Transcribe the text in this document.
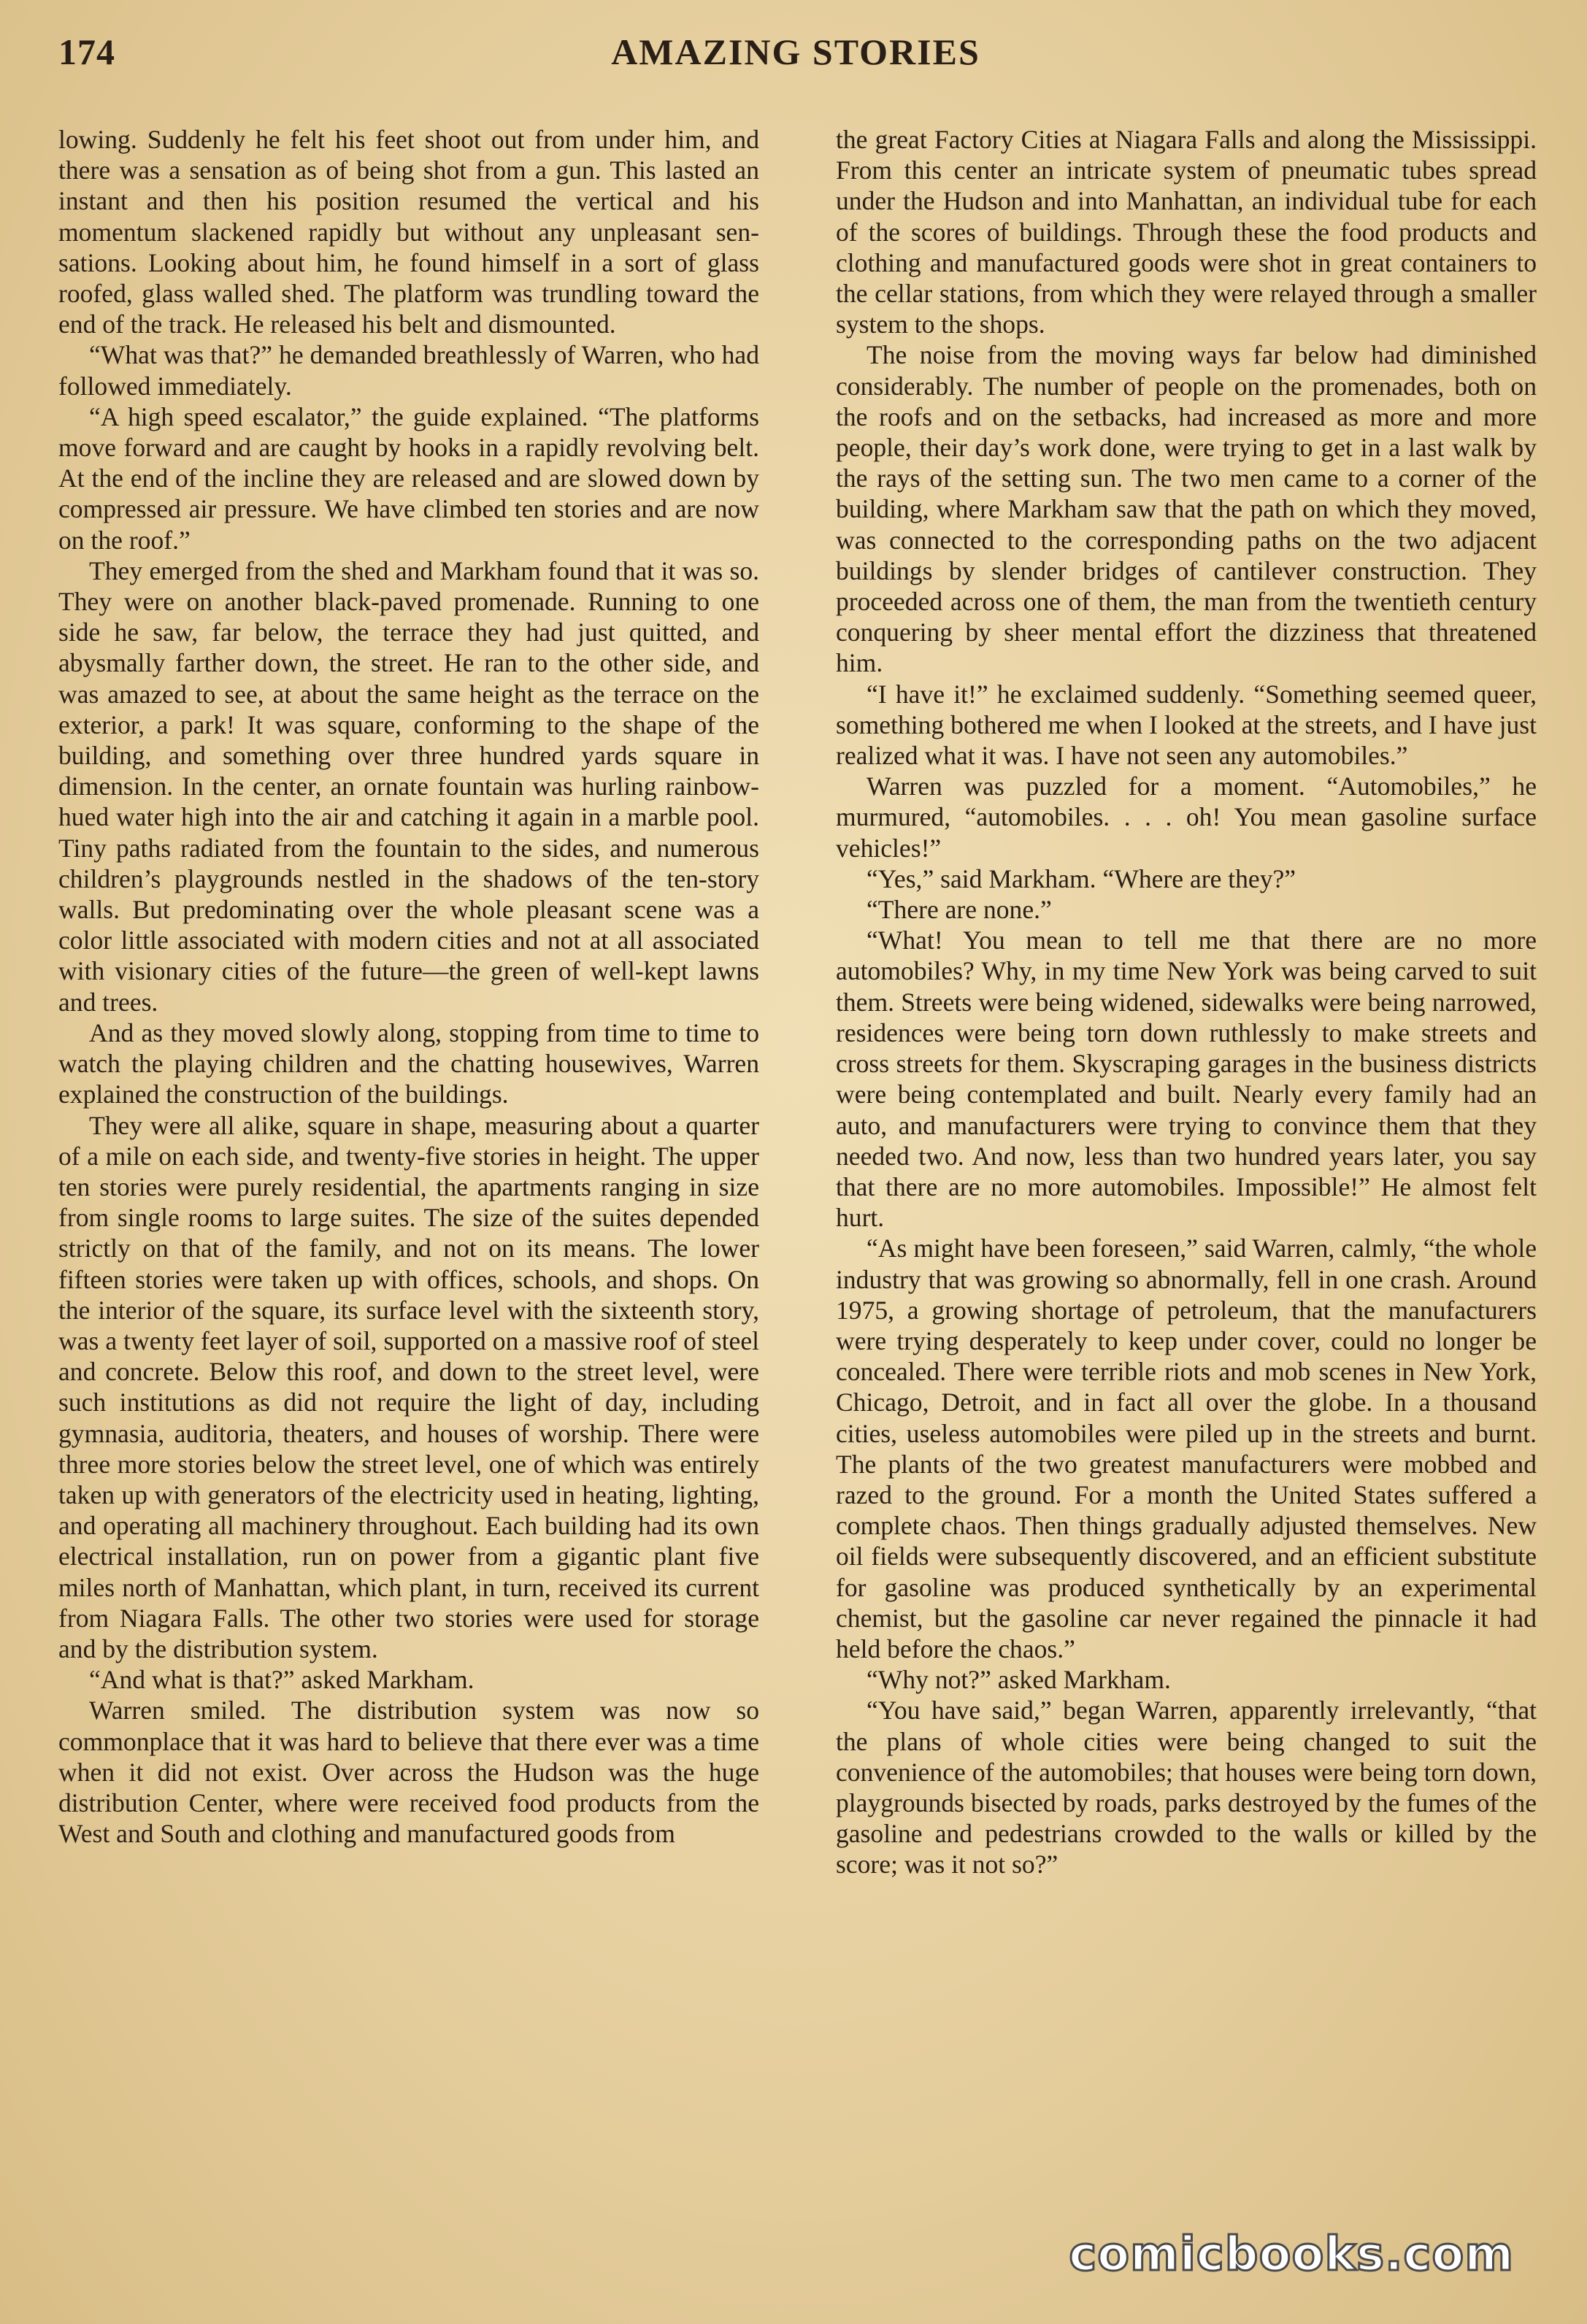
174	AMAZING STORIES

lowing. Suddenly he felt his feet shoot out from under him, and there was a sensation as of being shot from a gun. This lasted an instant and then his position resumed the vertical and his momentum slackened rapidly but without any unpleasant sensations. Looking about him, he found himself in a sort of glass roofed, glass walled shed. The platform was trundling toward the end of the track. He released his belt and dismounted.

“What was that?” he demanded breathlessly of Warren, who had followed immediately.

“A high speed escalator,” the guide explained. “The platforms move forward and are caught by hooks in a rapidly revolving belt. At the end of the incline they are released and are slowed down by compressed air pressure. We have climbed ten stories and are now on the roof.”

They emerged from the shed and Markham found that it was so. They were on another black-paved promenade. Running to one side he saw, far below, the terrace they had just quitted, and abysmally farther down, the street. He ran to the other side, and was amazed to see, at about the same height as the terrace on the exterior, a park! It was square, conforming to the shape of the building, and something over three hundred yards square in dimension. In the center, an ornate fountain was hurling rainbow-hued water high into the air and catching it again in a marble pool. Tiny paths radiated from the fountain to the sides, and numerous children’s playgrounds nestled in the shadows of the ten-story walls. But predominating over the whole pleasant scene was a color little associated with modern cities and not at all associated with visionary cities of the future—the green of well-kept lawns and trees.

And as they moved slowly along, stopping from time to time to watch the playing children and the chatting housewives, Warren explained the construction of the buildings.

They were all alike, square in shape, measuring about a quarter of a mile on each side, and twenty-five stories in height. The upper ten stories were purely residential, the apartments ranging in size from single rooms to large suites. The size of the suites depended strictly on that of the family, and not on its means. The lower fifteen stories were taken up with offices, schools, and shops. On the interior of the square, its surface level with the sixteenth story, was a twenty feet layer of soil, supported on a massive roof of steel and concrete. Below this roof, and down to the street level, were such institutions as did not require the light of day, including gymnasia, auditoria, theaters, and houses of worship. There were three more stories below the street level, one of which was entirely taken up with generators of the electricity used in heating, lighting, and operating all machinery throughout. Each building had its own electrical installation, run on power from a gigantic plant five miles north of Manhattan, which plant, in turn, received its current from Niagara Falls. The other two stories were used for storage and by the distribution system.

“And what is that?” asked Markham.

Warren smiled. The distribution system was now so commonplace that it was hard to believe that there ever was a time when it did not exist. Over across the Hudson was the huge distribution Center, where were received food products from the West and South and clothing and manufactured goods from

the great Factory Cities at Niagara Falls and along the Mississippi. From this center an intricate system of pneumatic tubes spread under the Hudson and into Manhattan, an individual tube for each of the scores of buildings. Through these the food products and clothing and manufactured goods were shot in great containers to the cellar stations, from which they were relayed through a smaller system to the shops.

The noise from the moving ways far below had diminished considerably. The number of people on the promenades, both on the roofs and on the setbacks, had increased as more and more people, their day’s work done, were trying to get in a last walk by the rays of the setting sun. The two men came to a corner of the building, where Markham saw that the path on which they moved, was connected to the corresponding paths on the two adjacent buildings by slender bridges of cantilever construction. They proceeded across one of them, the man from the twentieth century conquering by sheer mental effort the dizziness that threatened him.

“I have it!” he exclaimed suddenly. “Something seemed queer, something bothered me when I looked at the streets, and I have just realized what it was. I have not seen any automobiles.”

Warren was puzzled for a moment. “Automobiles,” he murmured, “automobiles. . . . oh! You mean gasoline surface vehicles!”

“Yes,” said Markham. “Where are they?”

“There are none.”

“What! You mean to tell me that there are no more automobiles? Why, in my time New York was being carved to suit them. Streets were being widened, sidewalks were being narrowed, residences were being torn down ruthlessly to make streets and cross streets for them. Skyscraping garages in the business districts were being contemplated and built. Nearly every family had an auto, and manufacturers were trying to convince them that they needed two. And now, less than two hundred years later, you say that there are no more automobiles. Impossible!” He almost felt hurt.

“As might have been foreseen,” said Warren, calmly, “the whole industry that was growing so abnormally, fell in one crash. Around 1975, a growing shortage of petroleum, that the manufacturers were trying desperately to keep under cover, could no longer be concealed. There were terrible riots and mob scenes in New York, Chicago, Detroit, and in fact all over the globe. In a thousand cities, useless automobiles were piled up in the streets and burnt. The plants of the two greatest manufacturers were mobbed and razed to the ground. For a month the United States suffered a complete chaos. Then things gradually adjusted themselves. New oil fields were subsequently discovered, and an efficient substitute for gasoline was produced synthetically by an experimental chemist, but the gasoline car never regained the pinnacle it had held before the chaos.”

“Why not?” asked Markham.

“You have said,” began Warren, apparently irrelevantly, “that the plans of whole cities were being changed to suit the convenience of the automobiles; that houses were being torn down, playgrounds bisected by roads, parks destroyed by the fumes of the gasoline and pedestrians crowded to the walls or killed by the score; was it not so?”

comicbooks.com
